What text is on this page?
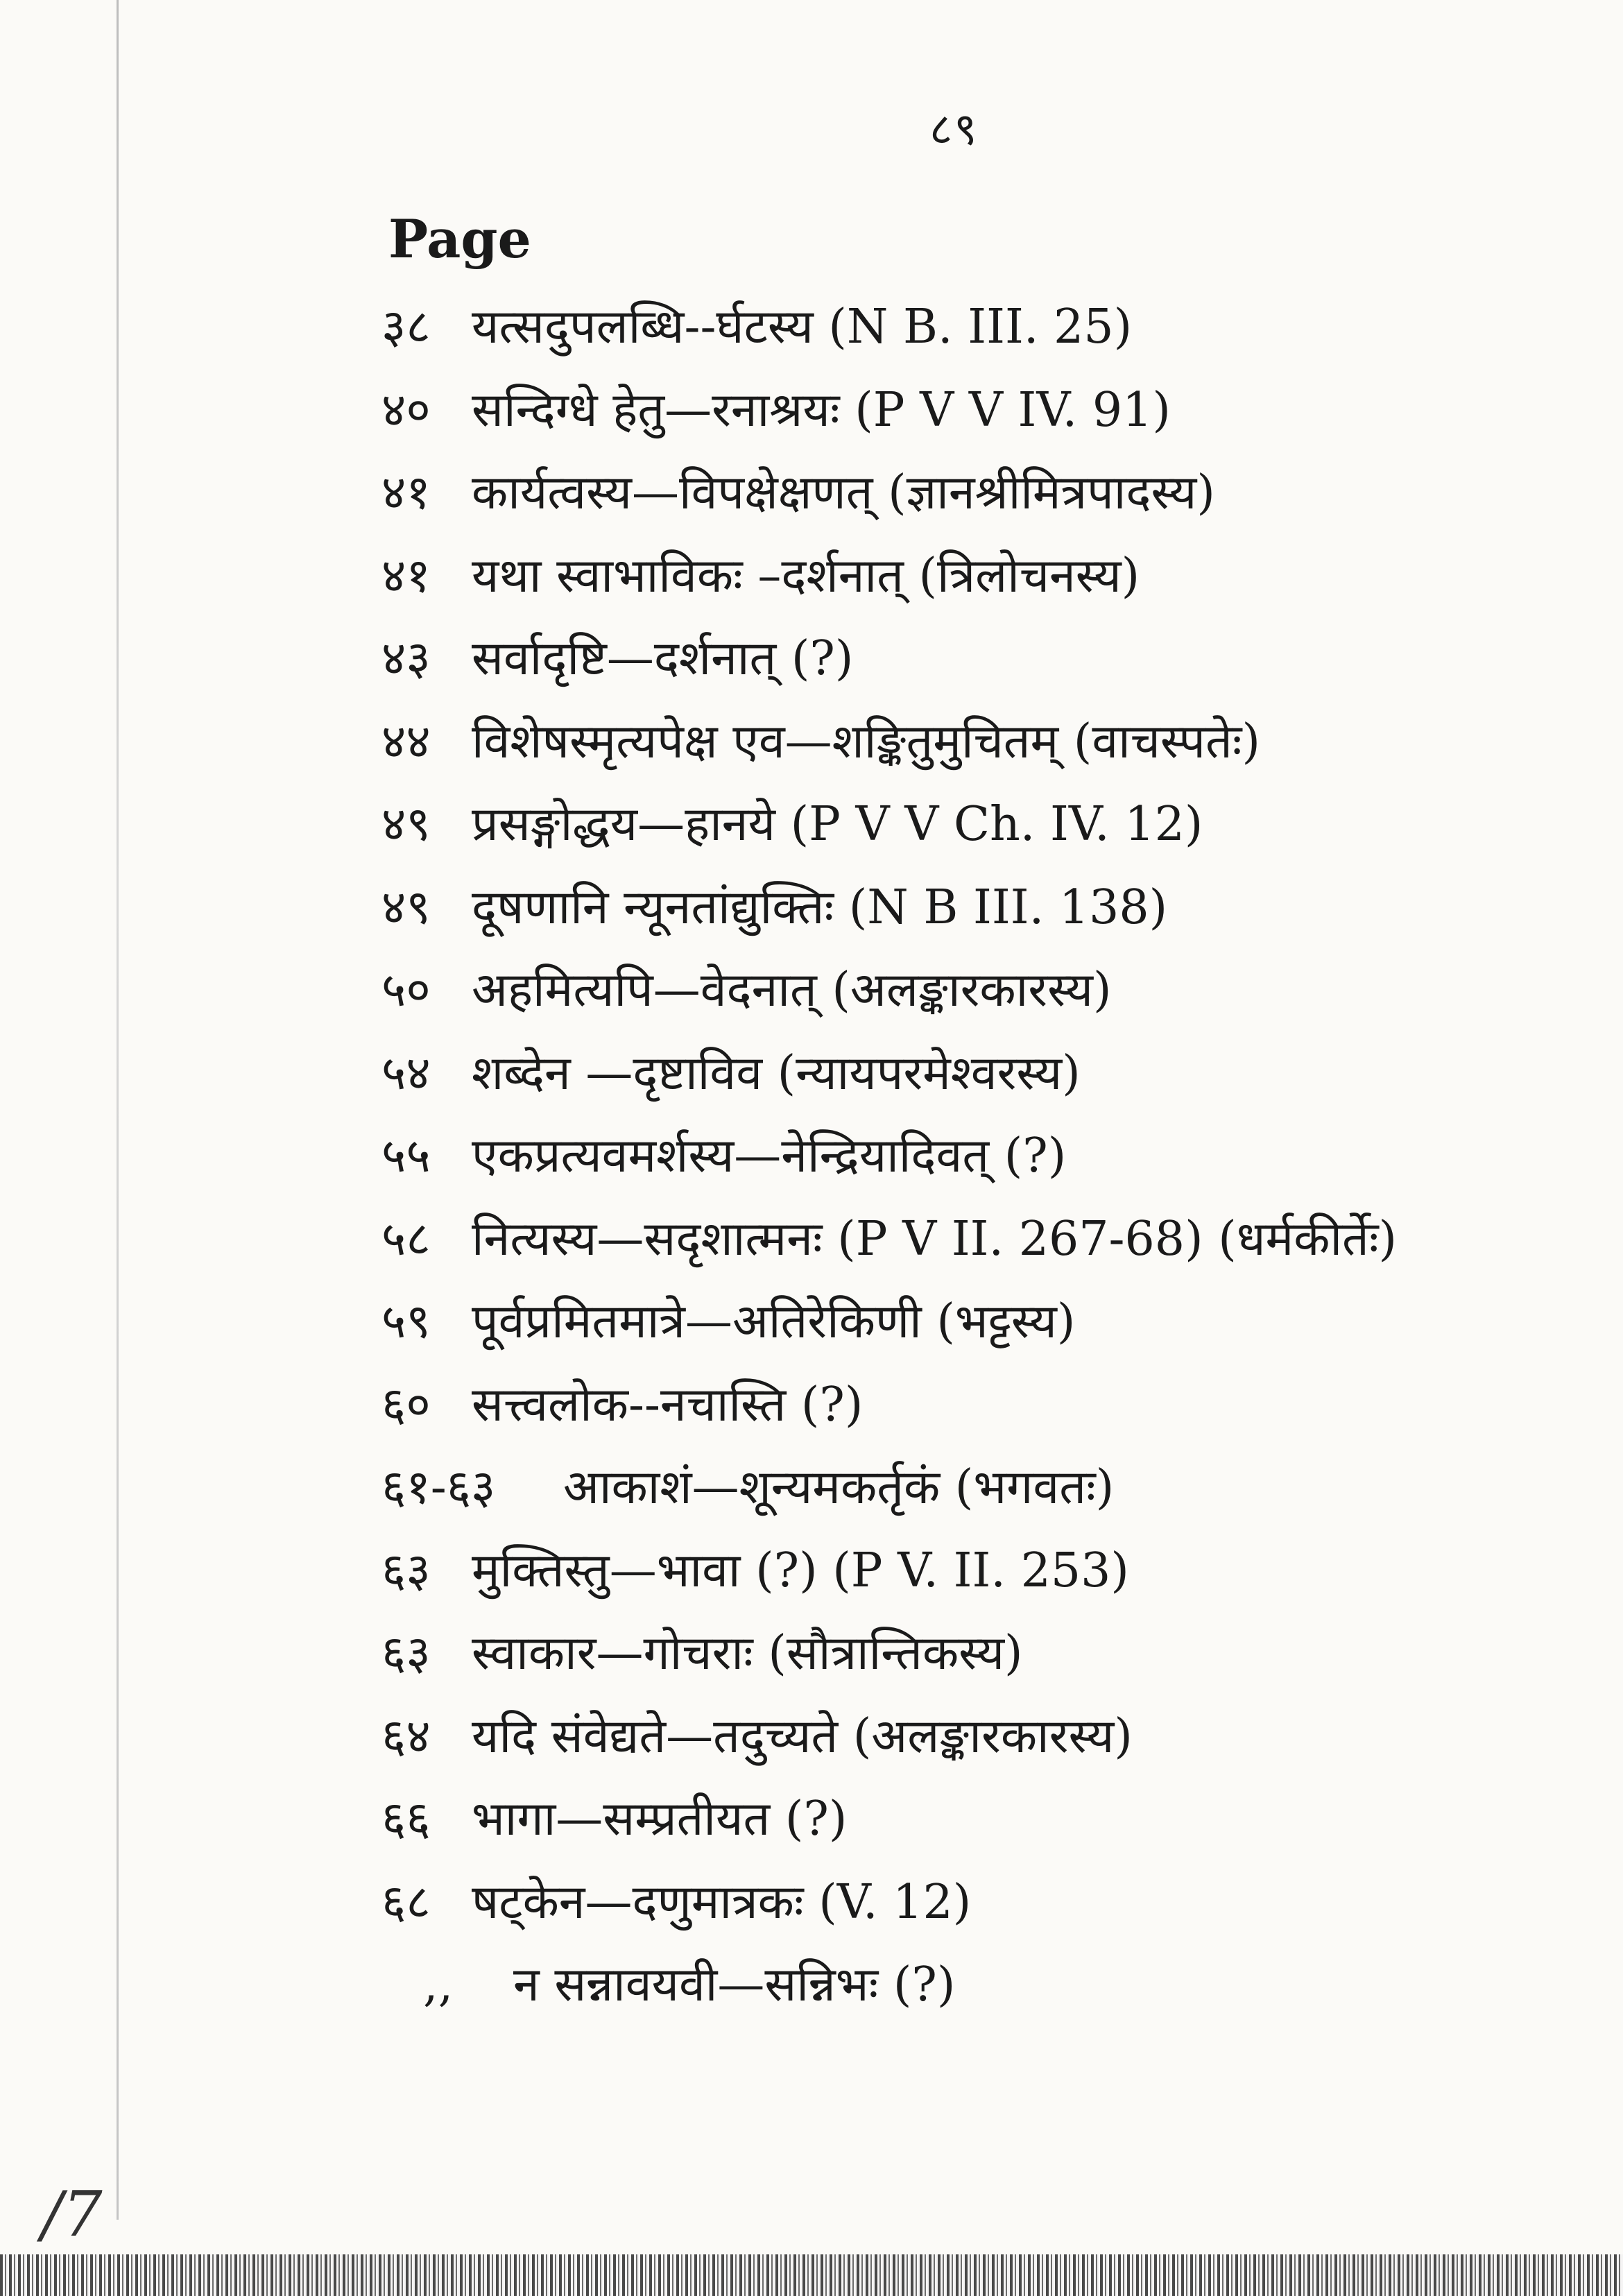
८९
Page
३८ यत्सदुपलब्धि--र्घटस्य (N B. III. 25)
४० सन्दिग्धे हेतु—रनाश्रयः (P V V IV. 91)
४१ कार्यत्वस्य—विपक्षेक्षणत् (ज्ञानश्रीमित्रपादस्य)
४१ यथा स्वाभाविकः –दर्शनात् (त्रिलोचनस्य)
४३ सर्वादृष्टि—दर्शनात् (?)
४४ विशेषस्मृत्यपेक्ष एव—शङ्कितुमुचितम् (वाचस्पतेः)
४९ प्रसङ्गोद्धय—हानये (P V V Ch. IV. 12)
४९ दूषणानि न्यूनतांद्युक्तिः (N B III. 138)
५० अहमित्यपि—वेदनात् (अलङ्कारकारस्य)
५४ शब्देन —दृष्टाविव (न्यायपरमेश्वरस्य)
५५ एकप्रत्यवमर्शस्य—नेन्द्रियादिवत् (?)
५८ नित्यस्य—सदृशात्मनः (P V II. 267-68) (धर्मकीर्तेः)
५९ पूर्वप्रमितमात्रे—अतिरेकिणी (भट्टस्य)
६० सत्त्वलोक--नचास्ति (?)
६१-६३ आकाशं—शून्यमकर्तृकं (भगवतः)
६३ मुक्तिस्तु—भावा (?) (P V. II. 253)
६३ स्वाकार—गोचराः (सौत्रान्तिकस्य)
६४ यदि संवेद्यते—तदुच्यते (अलङ्कारकारस्य)
६६ भागा—सम्प्रतीयत (?)
६८ षट्केन—दणुमात्रकः (V. 12)
,, न सन्नावयवी—सन्निभः (?)
/7
